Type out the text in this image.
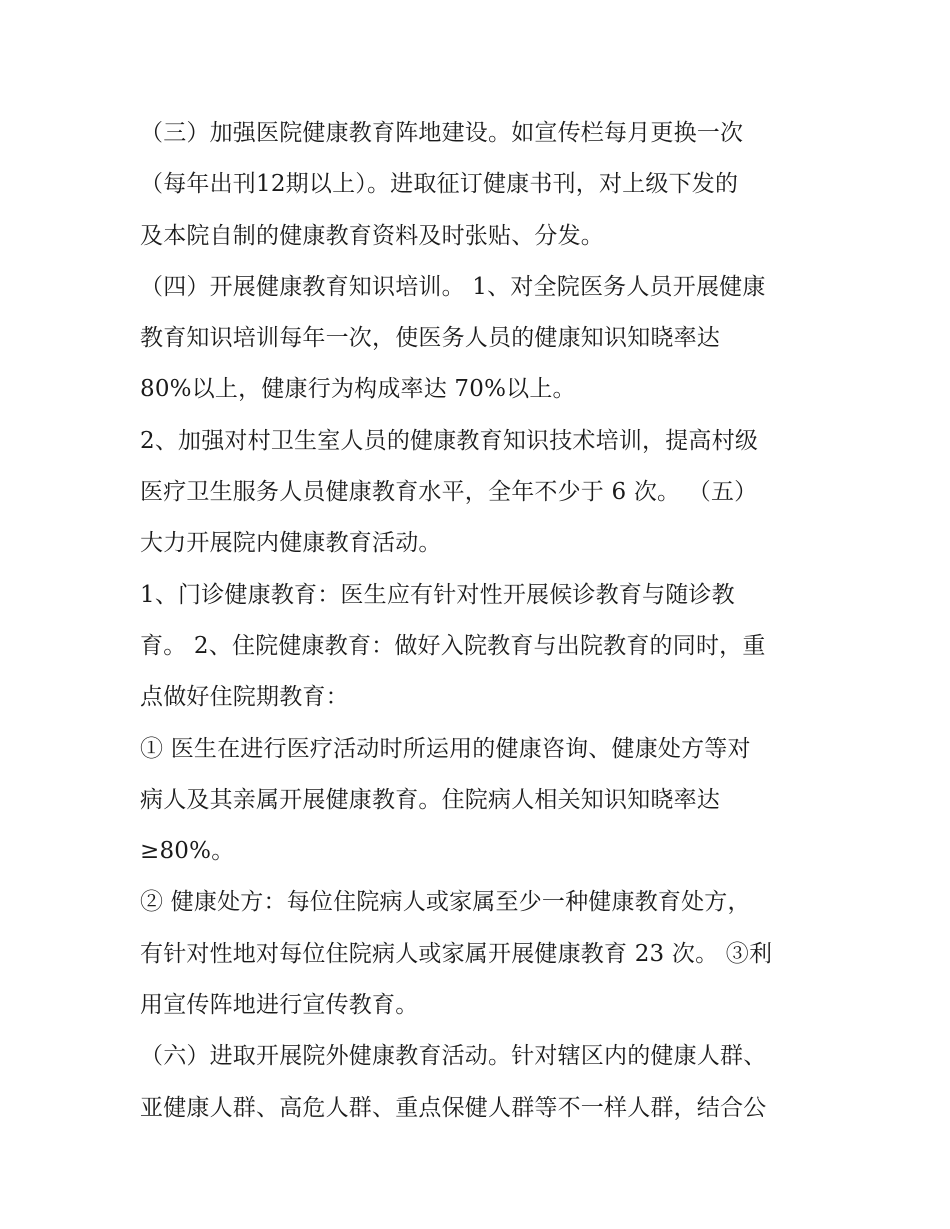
（三）加强医院健康教育阵地建设。如宣传栏每月更换一次
（每年出刊12期以上）。进取征订健康书刊，对上级下发的
及本院自制的健康教育资料及时张贴、分发。
（四）开展健康教育知识培训。 1、对全院医务人员开展健康
教育知识培训每年一次，使医务人员的健康知识知晓率达
80%以上，健康行为构成率达 70%以上。
2、加强对村卫生室人员的健康教育知识技术培训，提高村级
医疗卫生服务人员健康教育水平，全年不少于 6 次。 （五）
大力开展院内健康教育活动。
1、门诊健康教育：医生应有针对性开展候诊教育与随诊教
育。 2、住院健康教育：做好入院教育与出院教育的同时，重
点做好住院期教育：
① 医生在进行医疗活动时所运用的健康咨询、健康处方等对
病人及其亲属开展健康教育。住院病人相关知识知晓率达
≥80%。
② 健康处方：每位住院病人或家属至少一种健康教育处方，
有针对性地对每位住院病人或家属开展健康教育 23 次。 ③利
用宣传阵地进行宣传教育。
（六）进取开展院外健康教育活动。针对辖区内的健康人群、
亚健康人群、高危人群、重点保健人群等不一样人群，结合公
